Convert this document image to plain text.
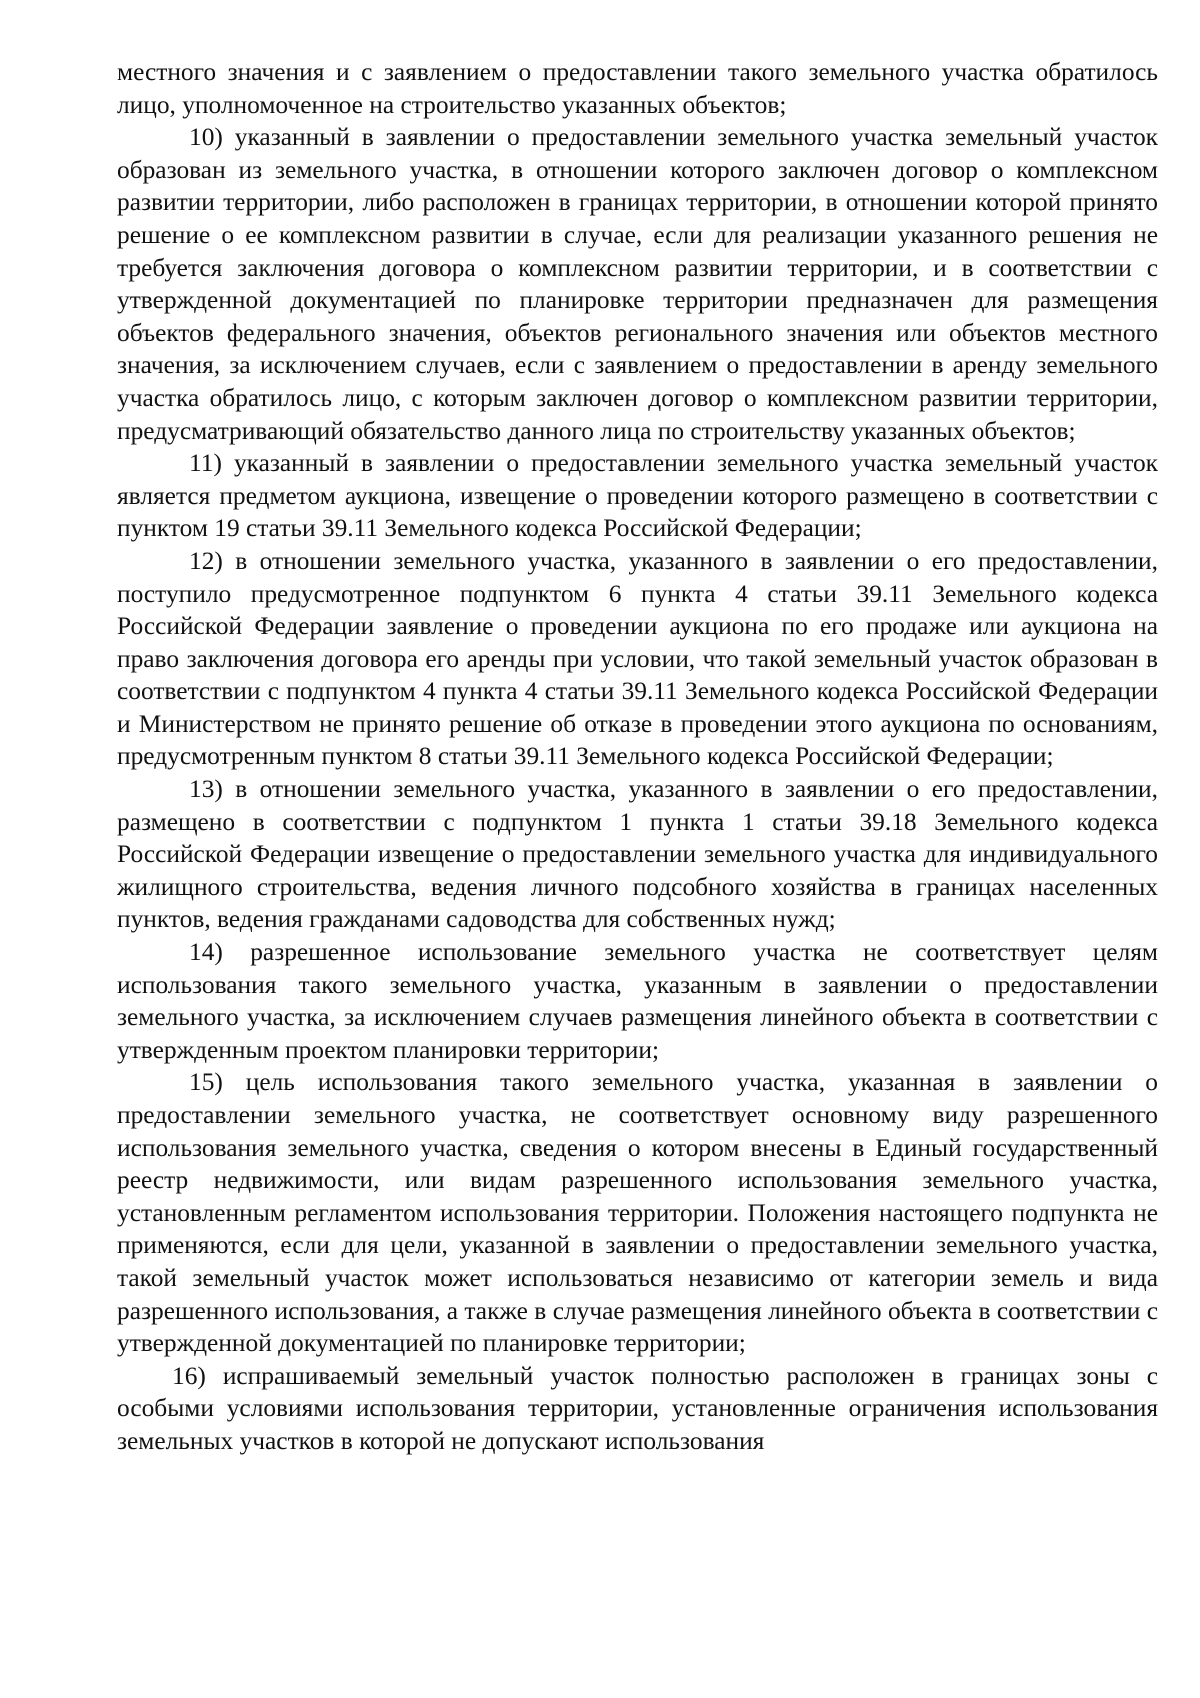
местного значения и с заявлением о предоставлении такого земельного участка обратилось лицо, уполномоченное на строительство указанных объектов;

10) указанный в заявлении о предоставлении земельного участка земельный участок образован из земельного участка, в отношении которого заключен договор о комплексном развитии территории, либо расположен в границах территории, в отношении которой принято решение о ее комплексном развитии в случае, если для реализации указанного решения не требуется заключения договора о комплексном развитии территории, и в соответствии с утвержденной документацией по планировке территории предназначен для размещения объектов федерального значения, объектов регионального значения или объектов местного значения, за исключением случаев, если с заявлением о предоставлении в аренду земельного участка обратилось лицо, с которым заключен договор о комплексном развитии территории, предусматривающий обязательство данного лица по строительству указанных объектов;

11) указанный в заявлении о предоставлении земельного участка земельный участок является предметом аукциона, извещение о проведении которого размещено в соответствии с пунктом 19 статьи 39.11 Земельного кодекса Российской Федерации;

12) в отношении земельного участка, указанного в заявлении о его предоставлении, поступило предусмотренное подпунктом 6 пункта 4 статьи 39.11 Земельного кодекса Российской Федерации заявление о проведении аукциона по его продаже или аукциона на право заключения договора его аренды при условии, что такой земельный участок образован в соответствии с подпунктом 4 пункта 4 статьи 39.11 Земельного кодекса Российской Федерации и Министерством не принято решение об отказе в проведении этого аукциона по основаниям, предусмотренным пунктом 8 статьи 39.11 Земельного кодекса Российской Федерации;

13) в отношении земельного участка, указанного в заявлении о его предоставлении, размещено в соответствии с подпунктом 1 пункта 1 статьи 39.18 Земельного кодекса Российской Федерации извещение о предоставлении земельного участка для индивидуального жилищного строительства, ведения личного подсобного хозяйства в границах населенных пунктов, ведения гражданами садоводства для собственных нужд;

14) разрешенное использование земельного участка не соответствует целям использования такого земельного участка, указанным в заявлении о предоставлении земельного участка, за исключением случаев размещения линейного объекта в соответствии с утвержденным проектом планировки территории;

15) цель использования такого земельного участка, указанная в заявлении о предоставлении земельного участка, не соответствует основному виду разрешенного использования земельного участка, сведения о котором внесены в Единый государственный реестр недвижимости, или видам разрешенного использования земельного участка, установленным регламентом использования территории. Положения настоящего подпункта не применяются, если для цели, указанной в заявлении о предоставлении земельного участка, такой земельный участок может использоваться независимо от категории земель и вида разрешенного использования, а также в случае размещения линейного объекта в соответствии с утвержденной документацией по планировке территории;

16) испрашиваемый земельный участок полностью расположен в границах зоны с особыми условиями использования территории, установленные ограничения использования земельных участков в которой не допускают использования
